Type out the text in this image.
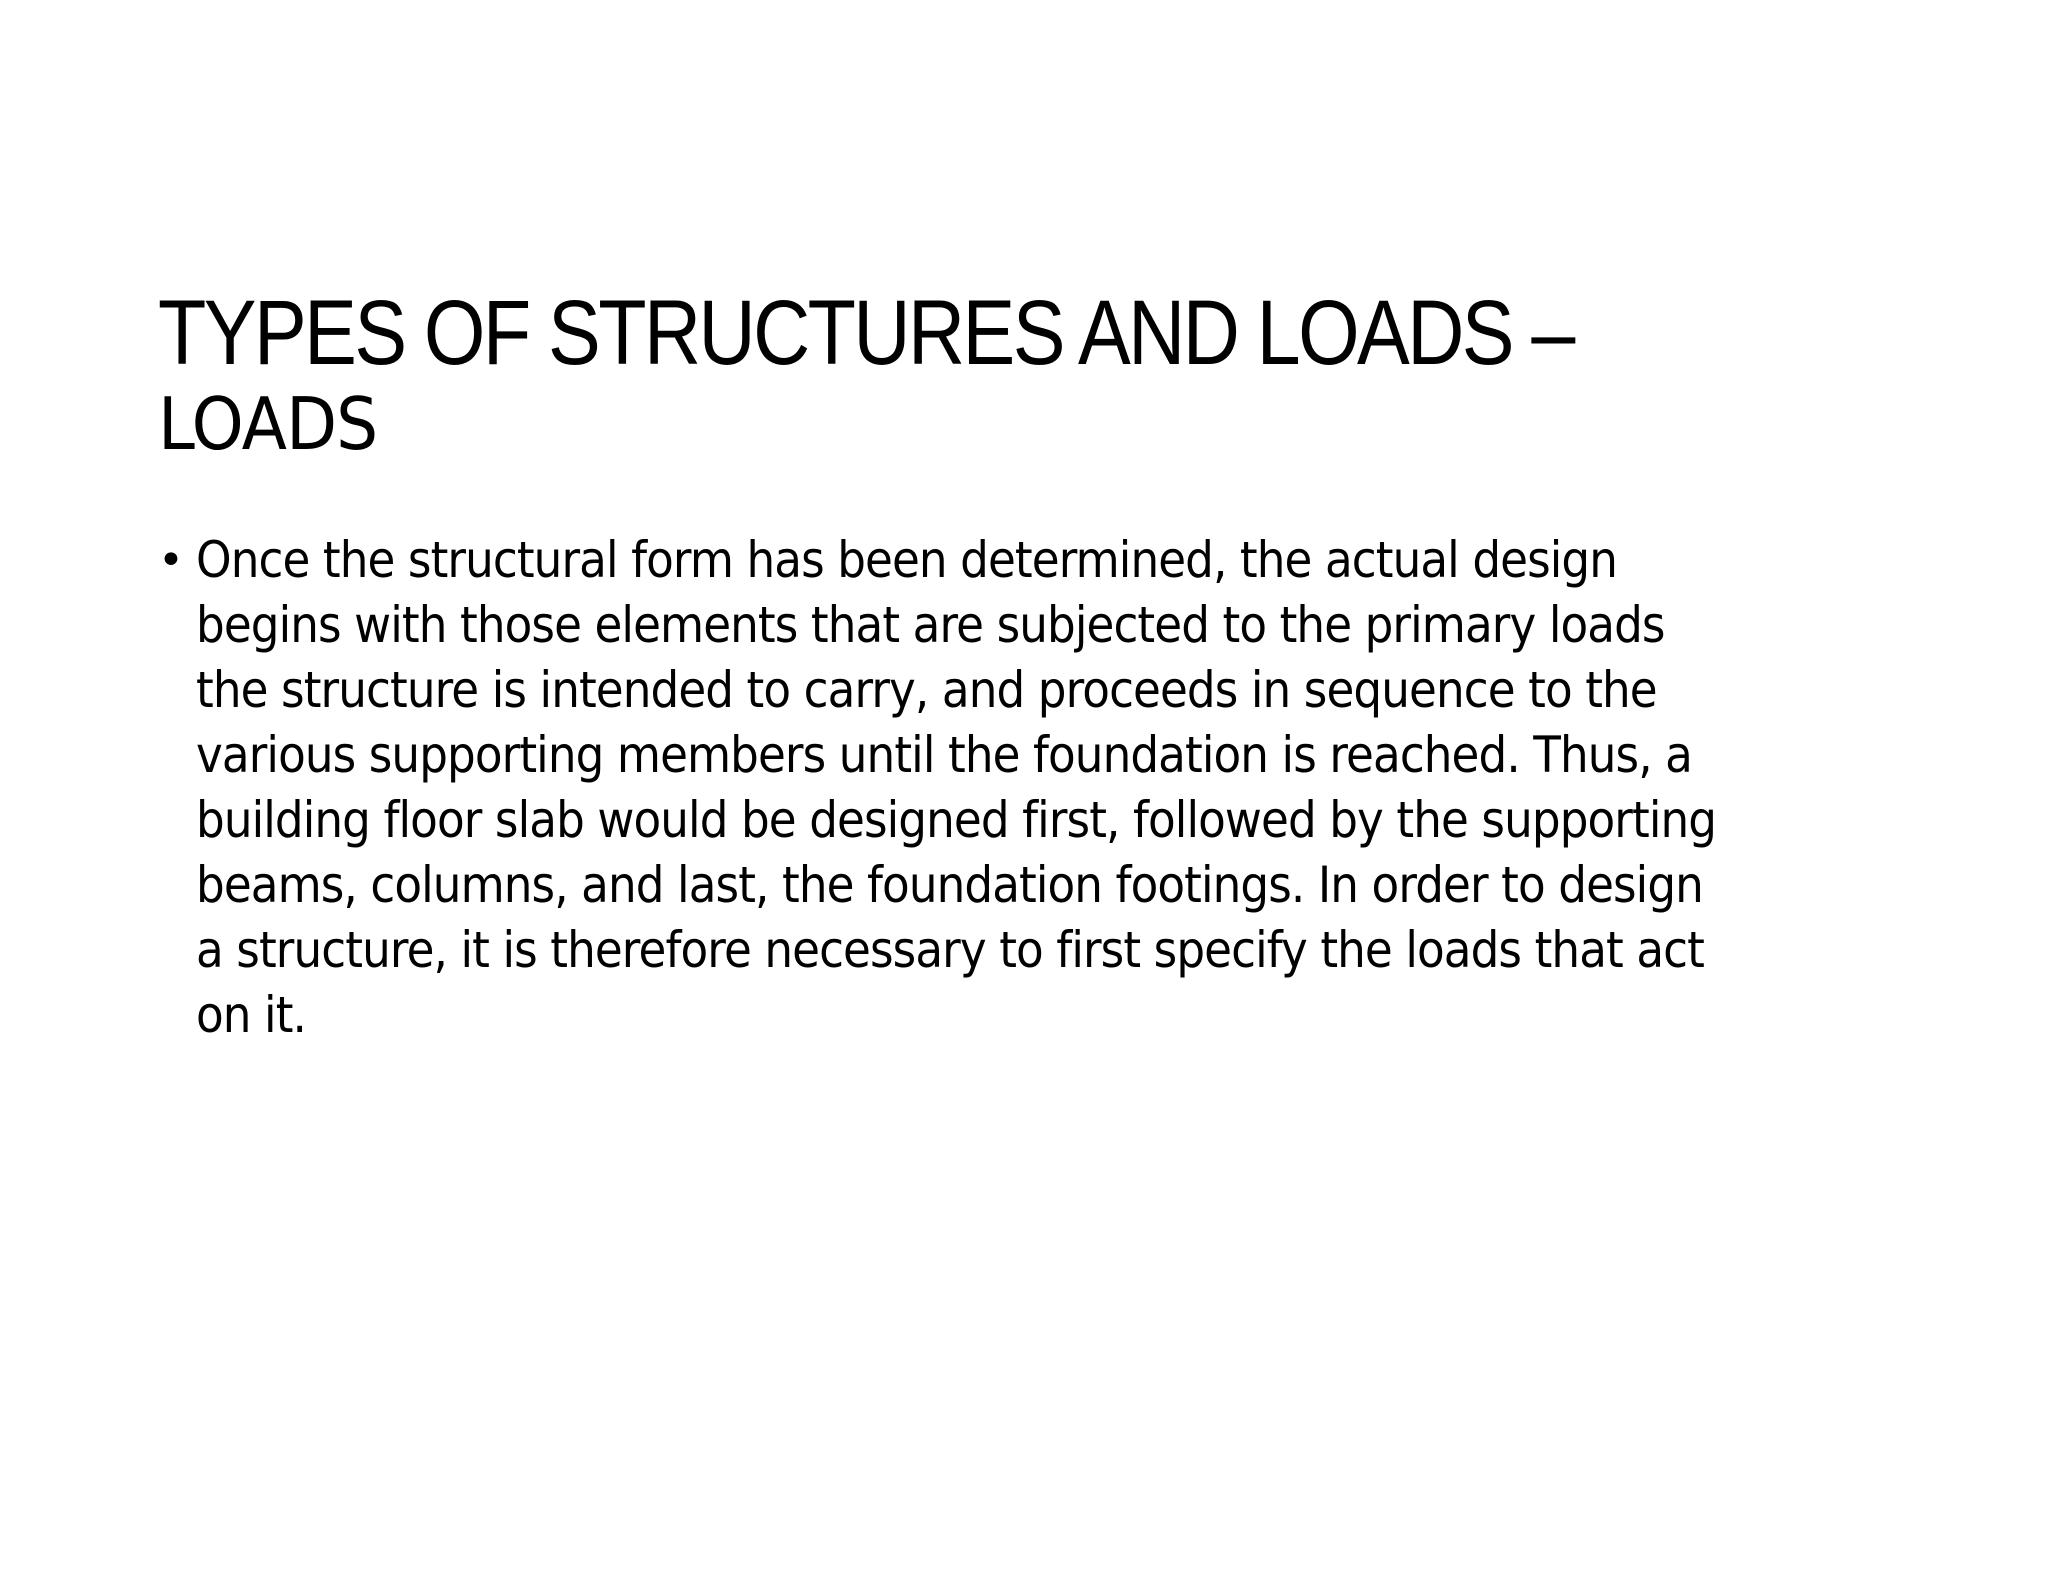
TYPES OF STRUCTURES AND LOADS –
LOADS
• Once the structural form has been determined, the actual design
begins with those elements that are subjected to the primary loads
the structure is intended to carry, and proceeds in sequence to the
various supporting members until the foundation is reached. Thus, a
building floor slab would be designed first, followed by the supporting
beams, columns, and last, the foundation footings. In order to design
a structure, it is therefore necessary to first specify the loads that act
on it.
